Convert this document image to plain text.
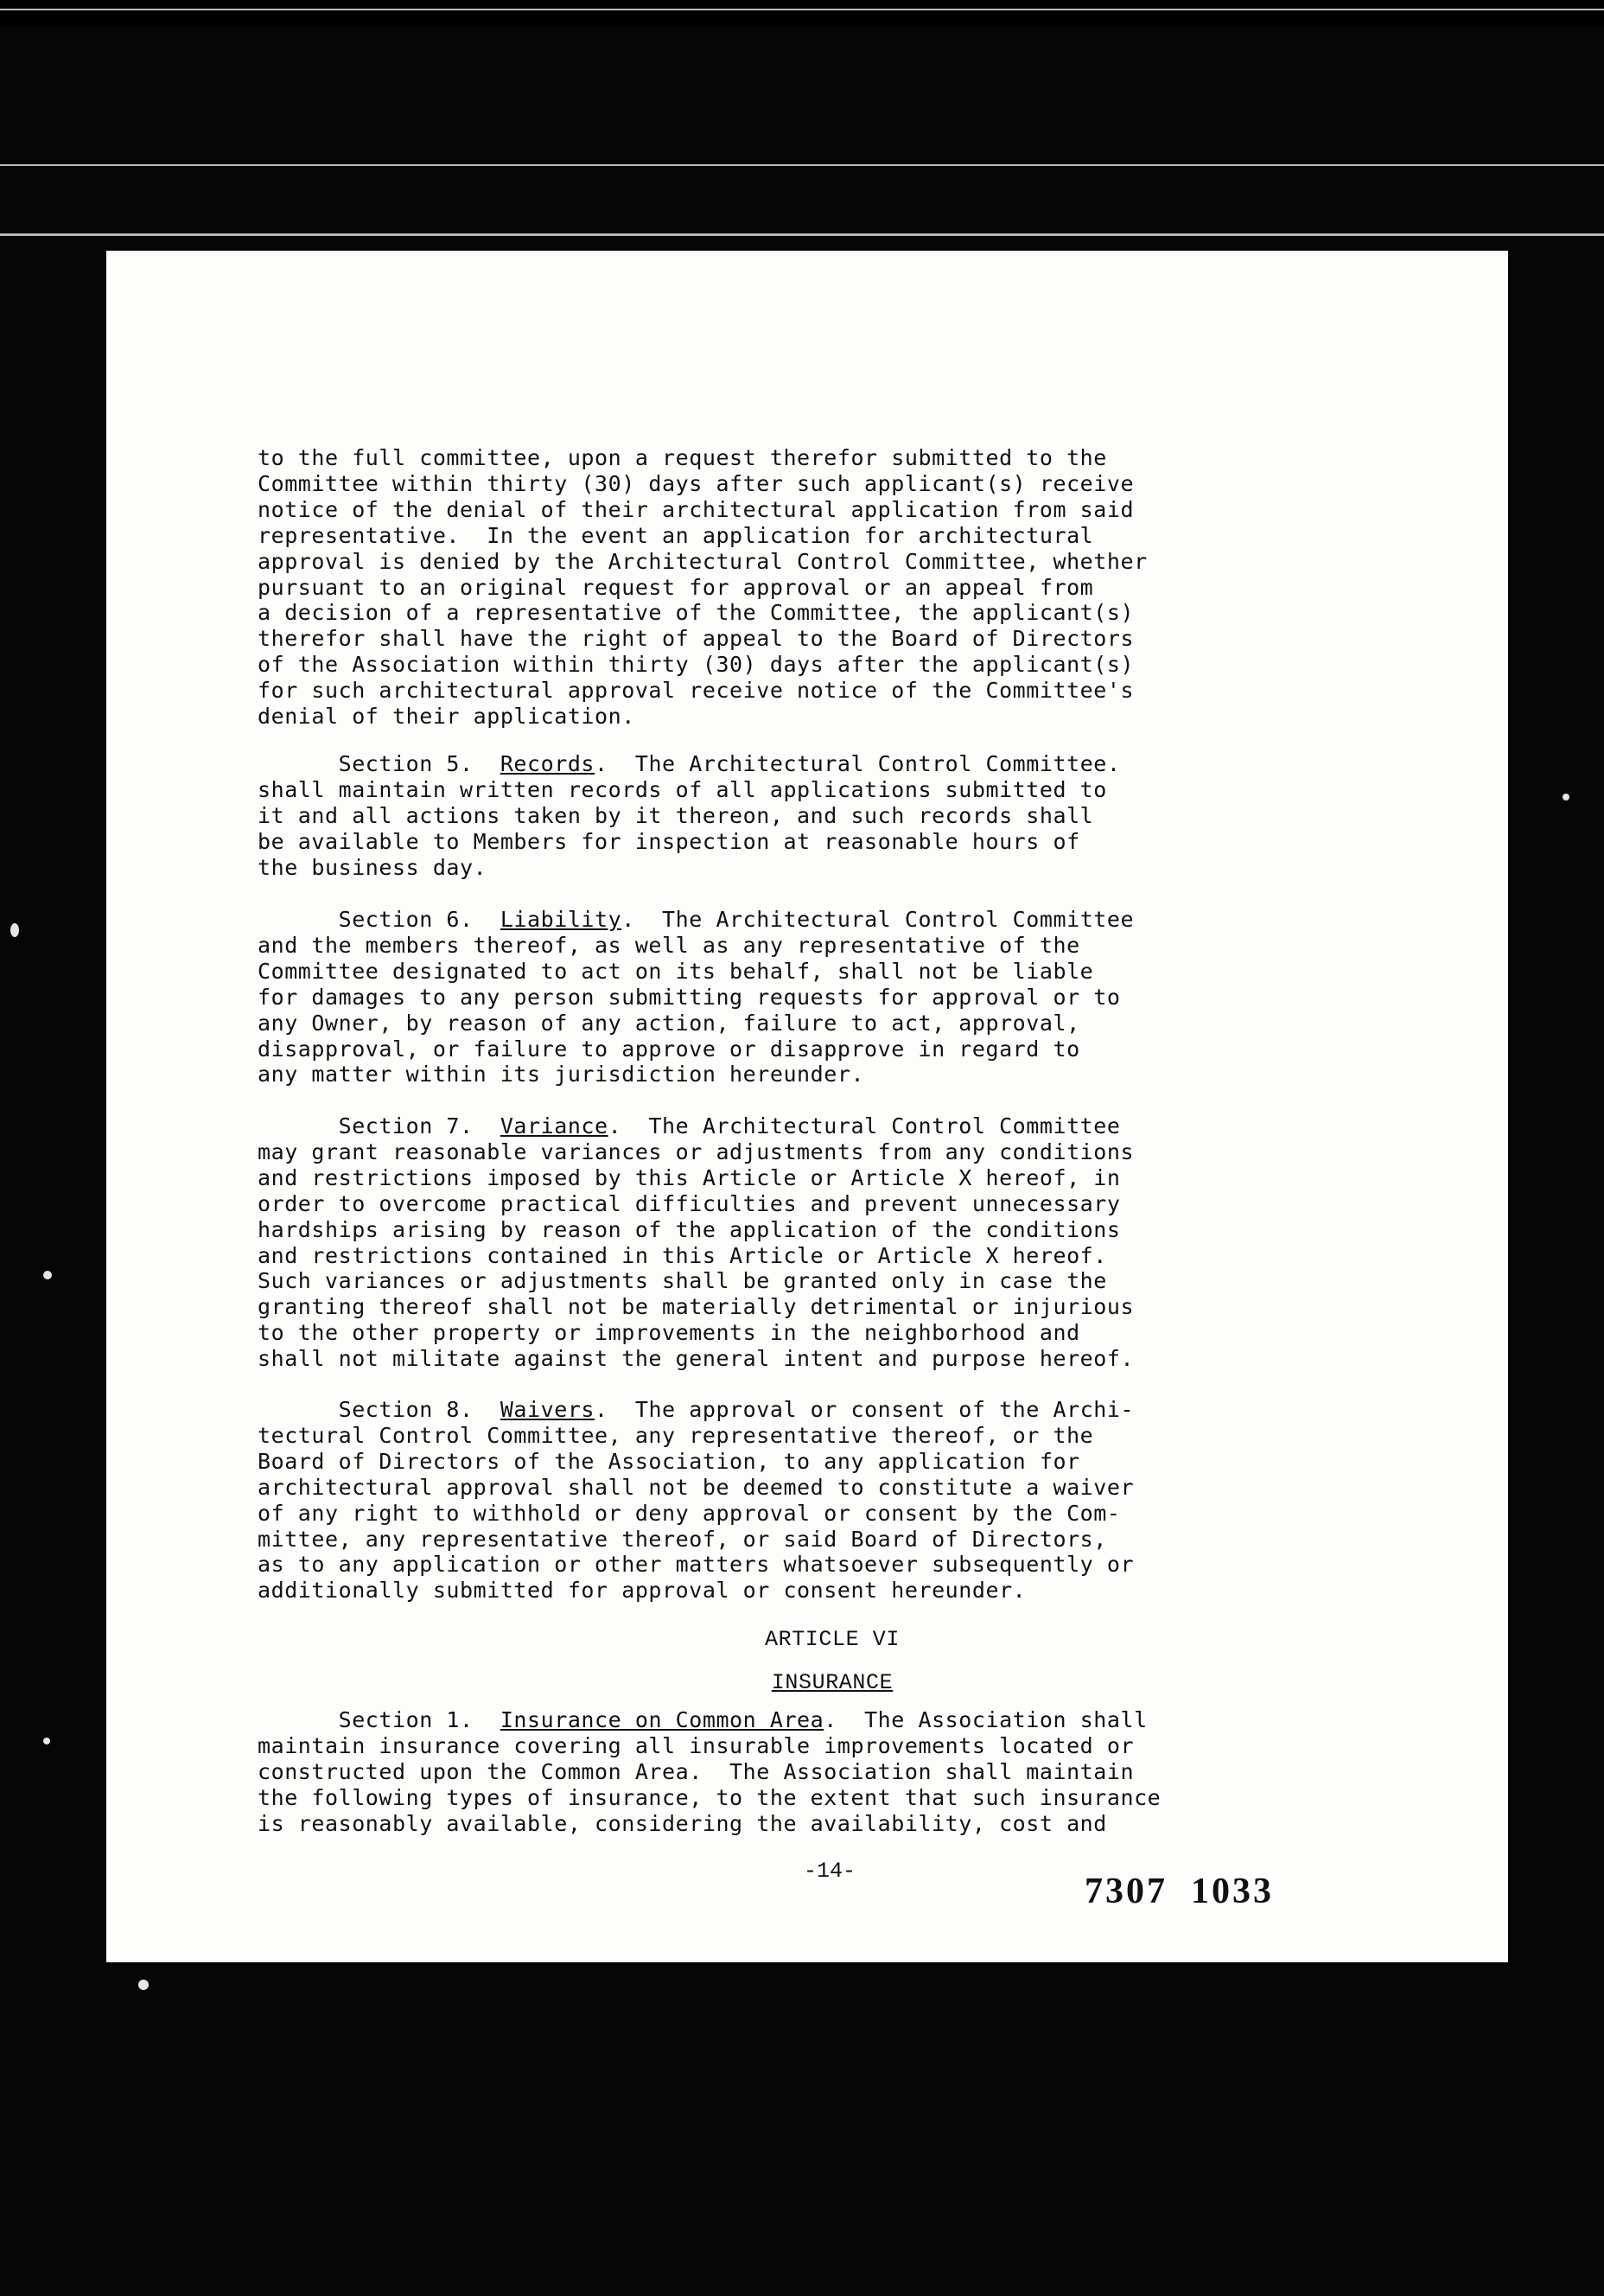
to the full committee, upon a request therefor submitted to the
Committee within thirty (30) days after such applicant(s) receive
notice of the denial of their architectural application from said
representative.  In the event an application for architectural
approval is denied by the Architectural Control Committee, whether
pursuant to an original request for approval or an appeal from
a decision of a representative of the Committee, the applicant(s)
therefor shall have the right of appeal to the Board of Directors
of the Association within thirty (30) days after the applicant(s)
for such architectural approval receive notice of the Committee's
denial of their application.
Section 5. Records.  The Architectural Control Committee.
shall maintain written records of all applications submitted to
it and all actions taken by it thereon, and such records shall
be available to Members for inspection at reasonable hours of
the business day.
Section 6. Liability.  The Architectural Control Committee
and the members thereof, as well as any representative of the
Committee designated to act on its behalf, shall not be liable
for damages to any person submitting requests for approval or to
any Owner, by reason of any action, failure to act, approval,
disapproval, or failure to approve or disapprove in regard to
any matter within its jurisdiction hereunder.
Section 7. Variance.  The Architectural Control Committee
may grant reasonable variances or adjustments from any conditions
and restrictions imposed by this Article or Article X hereof, in
order to overcome practical difficulties and prevent unnecessary
hardships arising by reason of the application of the conditions
and restrictions contained in this Article or Article X hereof.
Such variances or adjustments shall be granted only in case the
granting thereof shall not be materially detrimental or injurious
to the other property or improvements in the neighborhood and
shall not militate against the general intent and purpose hereof.
Section 8. Waivers.  The approval or consent of the Archi-
tectural Control Committee, any representative thereof, or the
Board of Directors of the Association, to any application for
architectural approval shall not be deemed to constitute a waiver
of any right to withhold or deny approval or consent by the Com-
mittee, any representative thereof, or said Board of Directors,
as to any application or other matters whatsoever subsequently or
additionally submitted for approval or consent hereunder.
ARTICLE VI
INSURANCE
Section 1. Insurance on Common Area.  The Association shall
maintain insurance covering all insurable improvements located or
constructed upon the Common Area.  The Association shall maintain
the following types of insurance, to the extent that such insurance
is reasonably available, considering the availability, cost and
-14-
7307  1033
